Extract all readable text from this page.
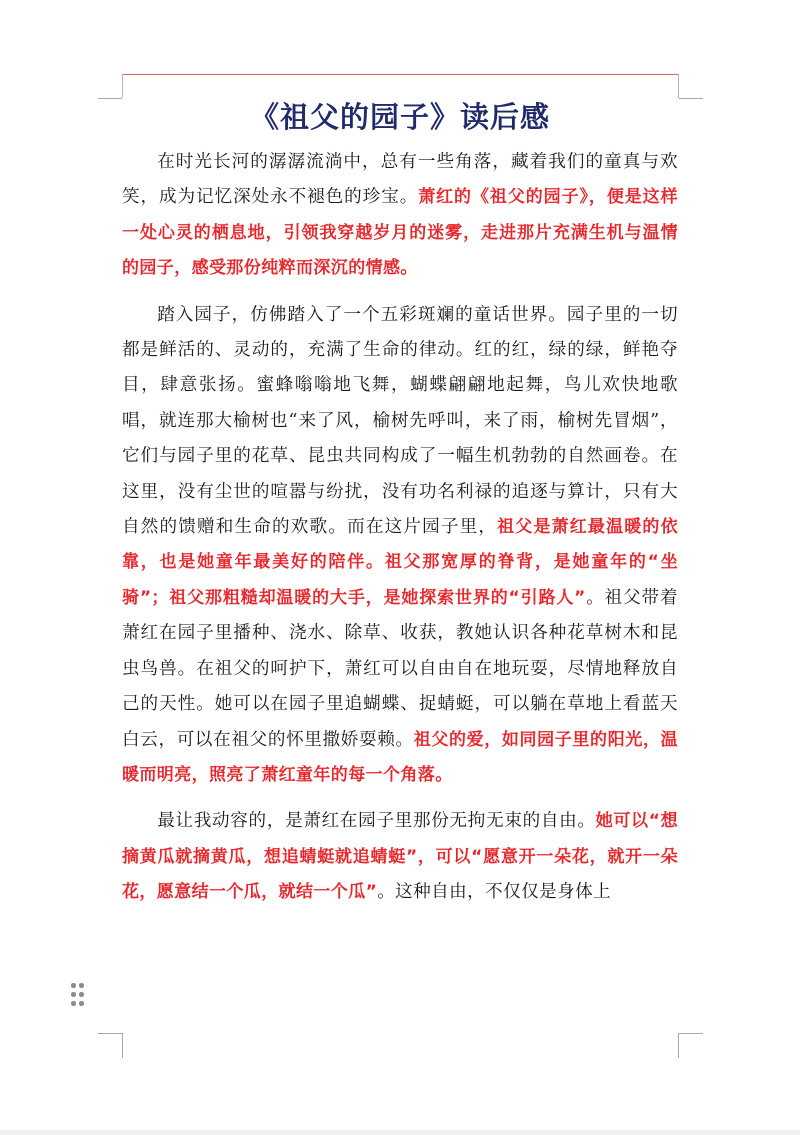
《祖父的园子》读后感

在时光长河的潺潺流淌中，总有一些角落，藏着我们的童真与欢笑，成为记忆深处永不褪色的珍宝。萧红的《祖父的园子》，便是这样一处心灵的栖息地，引领我穿越岁月的迷雾，走进那片充满生机与温情的园子，感受那份纯粹而深沉的情感。

踏入园子，仿佛踏入了一个五彩斑斓的童话世界。园子里的一切都是鲜活的、灵动的，充满了生命的律动。红的红，绿的绿，鲜艳夺目，肆意张扬。蜜蜂嗡嗡地飞舞，蝴蝶翩翩地起舞，鸟儿欢快地歌唱，就连那大榆树也“来了风，榆树先呼叫，来了雨，榆树先冒烟”，它们与园子里的花草、昆虫共同构成了一幅生机勃勃的自然画卷。在这里，没有尘世的喧嚣与纷扰，没有功名利禄的追逐与算计，只有大自然的馈赠和生命的欢歌。而在这片园子里，祖父是萧红最温暖的依靠，也是她童年最美好的陪伴。祖父那宽厚的脊背，是她童年的“坐骑”；祖父那粗糙却温暖的大手，是她探索世界的“引路人”。祖父带着萧红在园子里播种、浇水、除草、收获，教她认识各种花草树木和昆虫鸟兽。在祖父的呵护下，萧红可以自由自在地玩耍，尽情地释放自己的天性。她可以在园子里追蝴蝶、捉蜻蜓，可以躺在草地上看蓝天白云，可以在祖父的怀里撒娇耍赖。祖父的爱，如同园子里的阳光，温暖而明亮，照亮了萧红童年的每一个角落。

最让我动容的，是萧红在园子里那份无拘无束的自由。她可以“想摘黄瓜就摘黄瓜，想追蜻蜓就追蜻蜓”，可以“愿意开一朵花，就开一朵花，愿意结一个瓜，就结一个瓜”。这种自由，不仅仅是身体上
